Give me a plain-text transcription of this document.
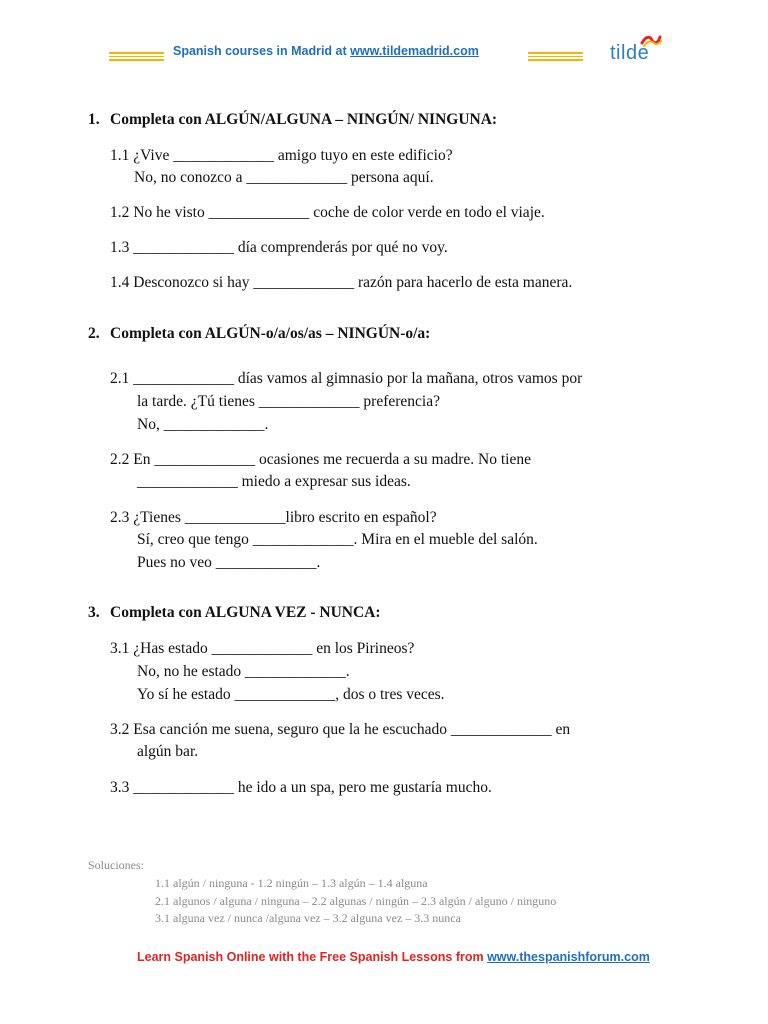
Spanish courses in Madrid at www.tildemadrid.com	tilde
1. Completa con ALGÚN/ALGUNA – NINGÚN/ NINGUNA:
1.1 ¿Vive _____________ amigo tuyo en este edificio?
No, no conozco a _____________ persona aquí.
1.2 No he visto _____________ coche de color verde en todo el viaje.
1.3 _____________ día comprenderás por qué no voy.
1.4 Desconozco si hay _____________ razón para hacerlo de esta manera.
2. Completa con ALGÚN-o/a/os/as – NINGÚN-o/a:
2.1 _____________ días vamos al gimnasio por la mañana, otros vamos por
la tarde. ¿Tú tienes _____________ preferencia?
No, _____________.
2.2 En _____________ ocasiones me recuerda a su madre. No tiene
_____________ miedo a expresar sus ideas.
2.3 ¿Tienes _____________libro escrito en español?
Sí, creo que tengo _____________. Mira en el mueble del salón.
Pues no veo _____________.
3. Completa con ALGUNA VEZ - NUNCA:
3.1 ¿Has estado _____________ en los Pirineos?
No, no he estado _____________.
Yo sí he estado _____________, dos o tres veces.
3.2 Esa canción me suena, seguro que la he escuchado _____________ en
algún bar.
3.3 _____________ he ido a un spa, pero me gustaría mucho.
Soluciones:
1.1 algún / ninguna - 1.2 ningún – 1.3 algún – 1.4 alguna
2.1 algunos / alguna / ninguna – 2.2 algunas / ningún – 2.3 algún / alguno / ninguno
3.1 alguna vez / nunca /alguna vez – 3.2 alguna vez – 3.3 nunca
Learn Spanish Online with the Free Spanish Lessons from www.thespanishforum.com
